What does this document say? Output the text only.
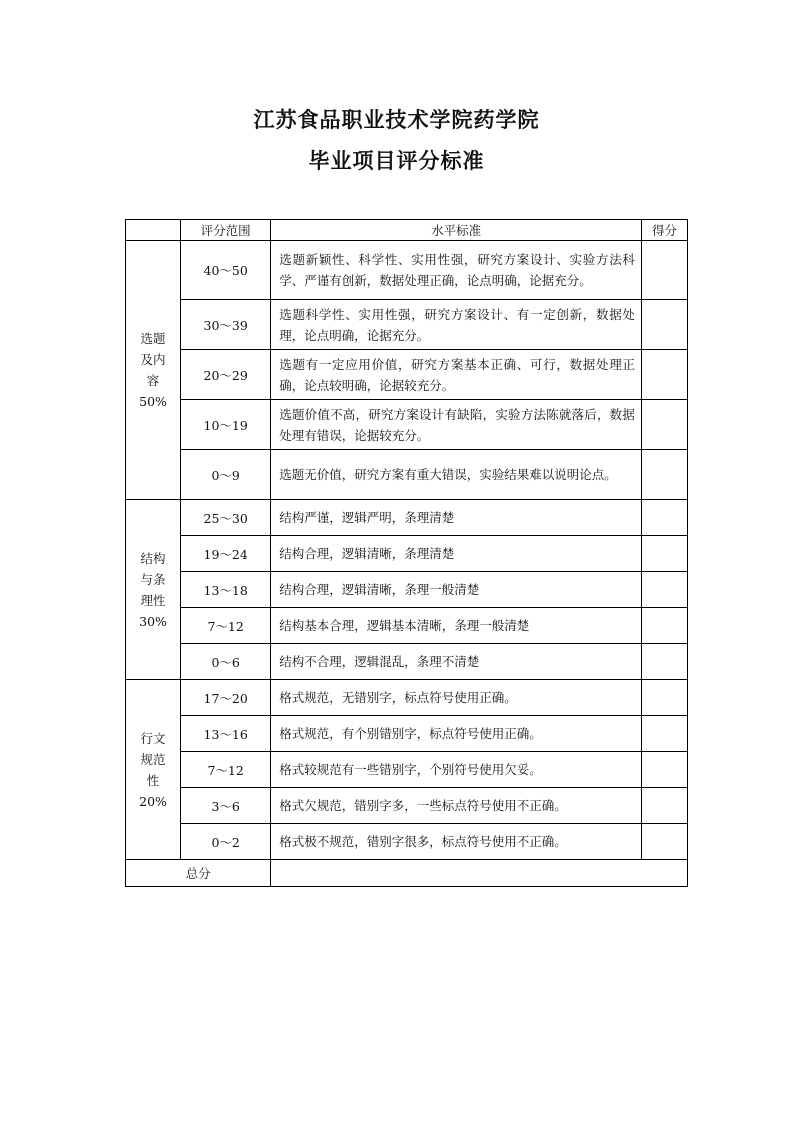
江苏食品职业技术学院药学院
毕业项目评分标准
	评分范围	水平标准	得分

选题
及内
容
50%	40～50	选题新颖性、科学性、实用性强，研究方案设计、实验方法科学、严谨有创新，数据处理正确，论点明确，论据充分。	
	30～39	选题科学性、实用性强，研究方案设计、有一定创新，数据处理，论点明确，论据充分。	
	20～29	选题有一定应用价值，研究方案基本正确、可行，数据处理正确，论点较明确，论据较充分。	
	10～19	选题价值不高，研究方案设计有缺陷，实验方法陈就落后，数据处理有错误，论据较充分。	
	0～9	选题无价值，研究方案有重大错误，实验结果难以说明论点。	

结构
与条
理性
30%	25～30	结构严谨，逻辑严明，条理清楚	
	19～24	结构合理，逻辑清晰，条理清楚	
	13～18	结构合理，逻辑清晰，条理一般清楚	
	7～12	结构基本合理，逻辑基本清晰，条理一般清楚	
	0～6	结构不合理，逻辑混乱，条理不清楚	

行文
规范
性
20%	17～20	格式规范，无错别字，标点符号使用正确。	
	13～16	格式规范，有个别错别字，标点符号使用正确。	
	7～12	格式较规范有一些错别字，个别符号使用欠妥。	
	3～6	格式欠规范，错别字多，一些标点符号使用不正确。	
	0～2	格式极不规范，错别字很多，标点符号使用不正确。	
总分			
